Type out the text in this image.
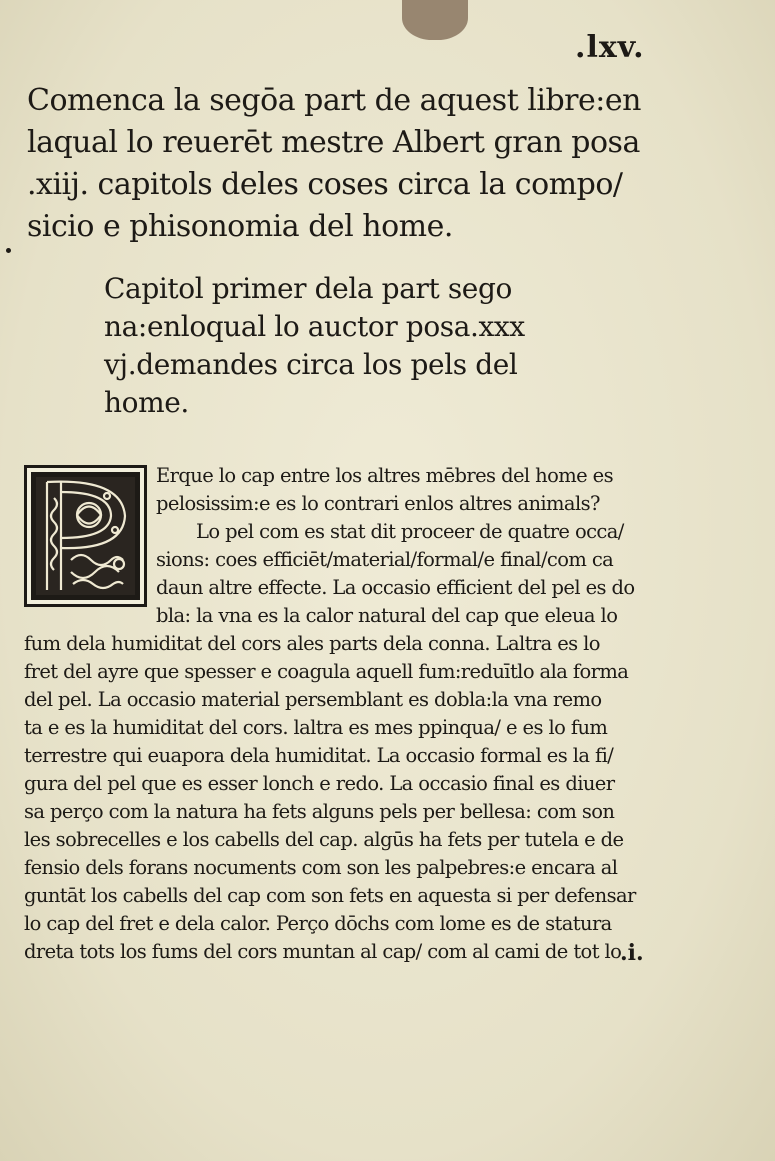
.lxv.
Comenca la segōa part de aquest libre:en
laqual lo reuerēt mestre Albert gran posa
.xiij. capitols deles coses circa la compo/
sicio e phisonomia del home.
Capitol primer dela part sego
na:enloqual lo auctor posa.xxx
vj.demandes circa los pels del
home.
Erque lo cap entre los altres mēbres del home es
pelosissim:e es lo contrari enlos altres animals?
Lo pel com es stat dit proceer de quatre occa/
sions: coes efficiēt/material/formal/e final/com ca
daun altre effecte. La occasio efficient del pel es do
bla: la vna es la calor natural del cap que eleua lo
fum dela humiditat del cors ales parts dela conna. Laltra es lo
fret del ayre que spesser e coagula aquell fum:reduītlo ala forma
del pel. La occasio material persemblant es dobla:la vna remo
ta e es la humiditat del cors. laltra es mes ppinqua/ e es lo fum
terrestre qui euapora dela humiditat. La occasio formal es la fi/
gura del pel que es esser lonch e redo. La occasio final es diuer
sa perço com la natura ha fets alguns pels per bellesa: com son
les sobrecelles e los cabells del cap. algūs ha fets per tutela e de
fensio dels forans nocuments com son les palpebres:e encara al
guntāt los cabells del cap com son fets en aquesta si per defensar
lo cap del fret e dela calor. Perço dōchs com lome es de statura
dreta tots los fums del cors muntan al cap/ com al cami de tot lo
.i.
